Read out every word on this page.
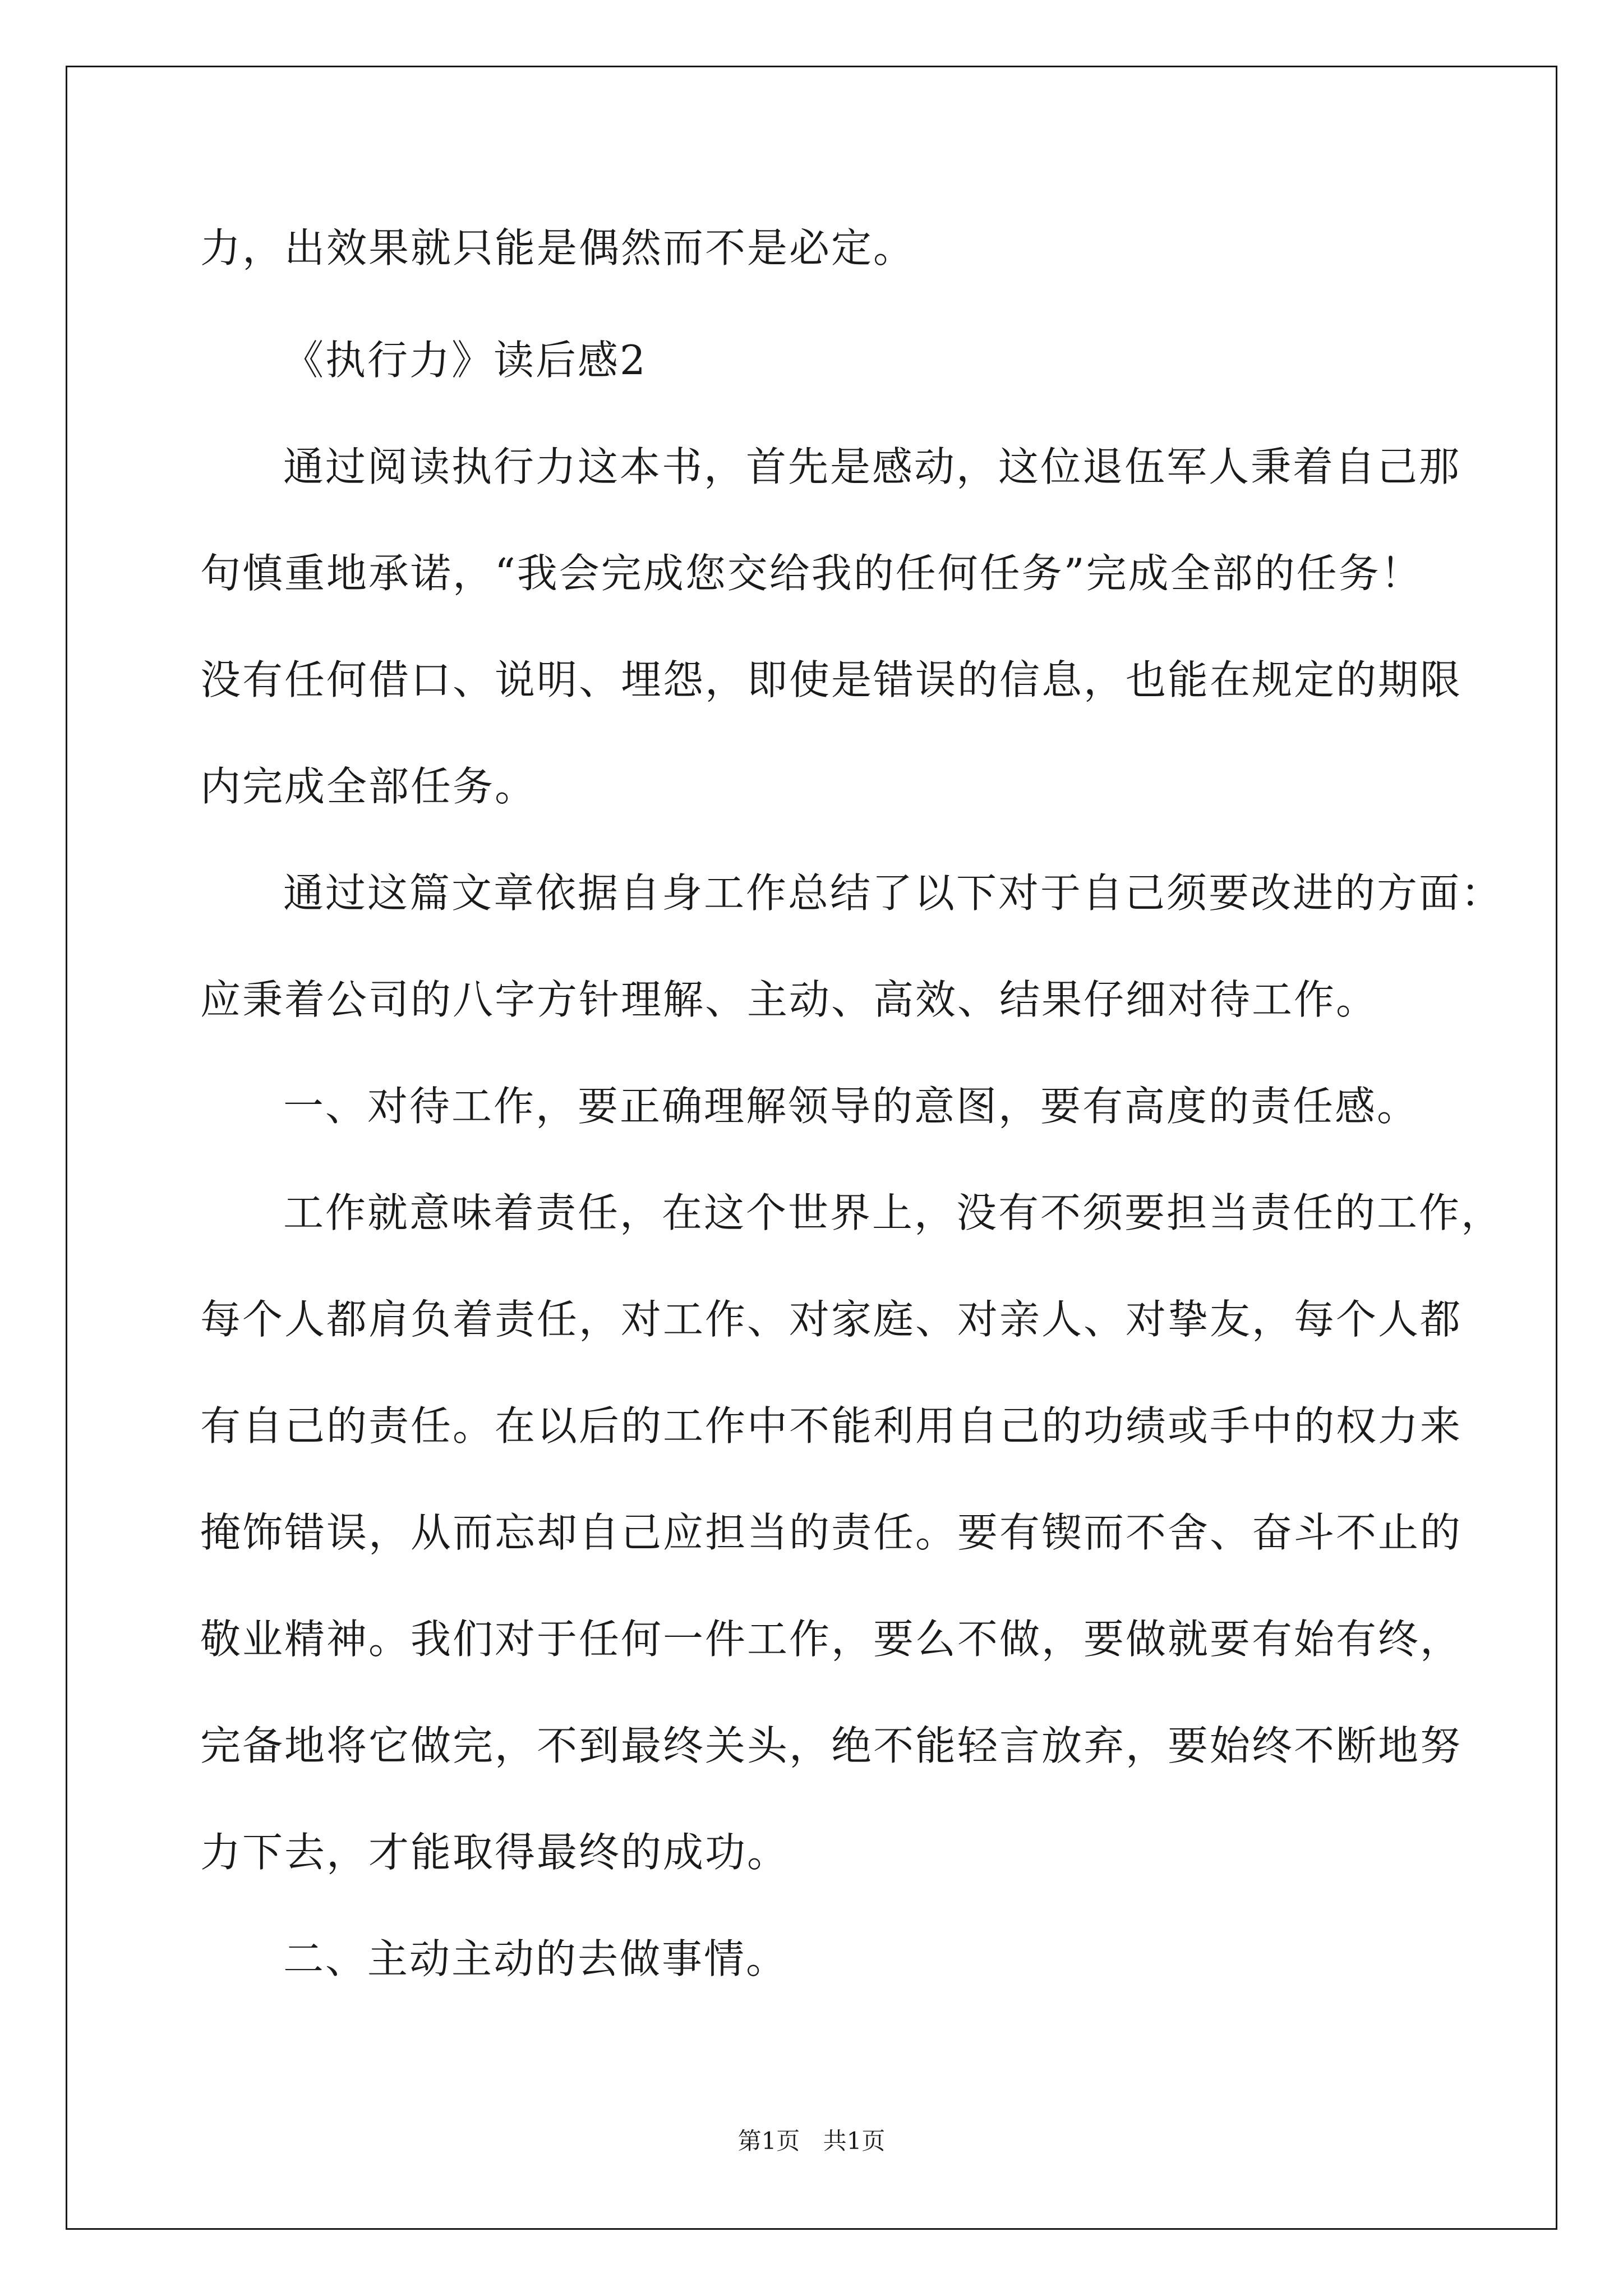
力，出效果就只能是偶然而不是必定。
《执行力》读后感2
通过阅读执行力这本书，首先是感动，这位退伍军人秉着自己那
句慎重地承诺，“我会完成您交给我的任何任务”完成全部的任务！
没有任何借口、说明、埋怨，即使是错误的信息，也能在规定的期限
内完成全部任务。
通过这篇文章依据自身工作总结了以下对于自己须要改进的方面：
应秉着公司的八字方针理解、主动、高效、结果仔细对待工作。
一、对待工作，要正确理解领导的意图，要有高度的责任感。
工作就意味着责任，在这个世界上，没有不须要担当责任的工作，
每个人都肩负着责任，对工作、对家庭、对亲人、对挚友，每个人都
有自己的责任。在以后的工作中不能利用自己的功绩或手中的权力来
掩饰错误，从而忘却自己应担当的责任。要有锲而不舍、奋斗不止的
敬业精神。我们对于任何一件工作，要么不做，要做就要有始有终，
完备地将它做完，不到最终关头，绝不能轻言放弃，要始终不断地努
力下去，才能取得最终的成功。
二、主动主动的去做事情。
第1页 共1页
